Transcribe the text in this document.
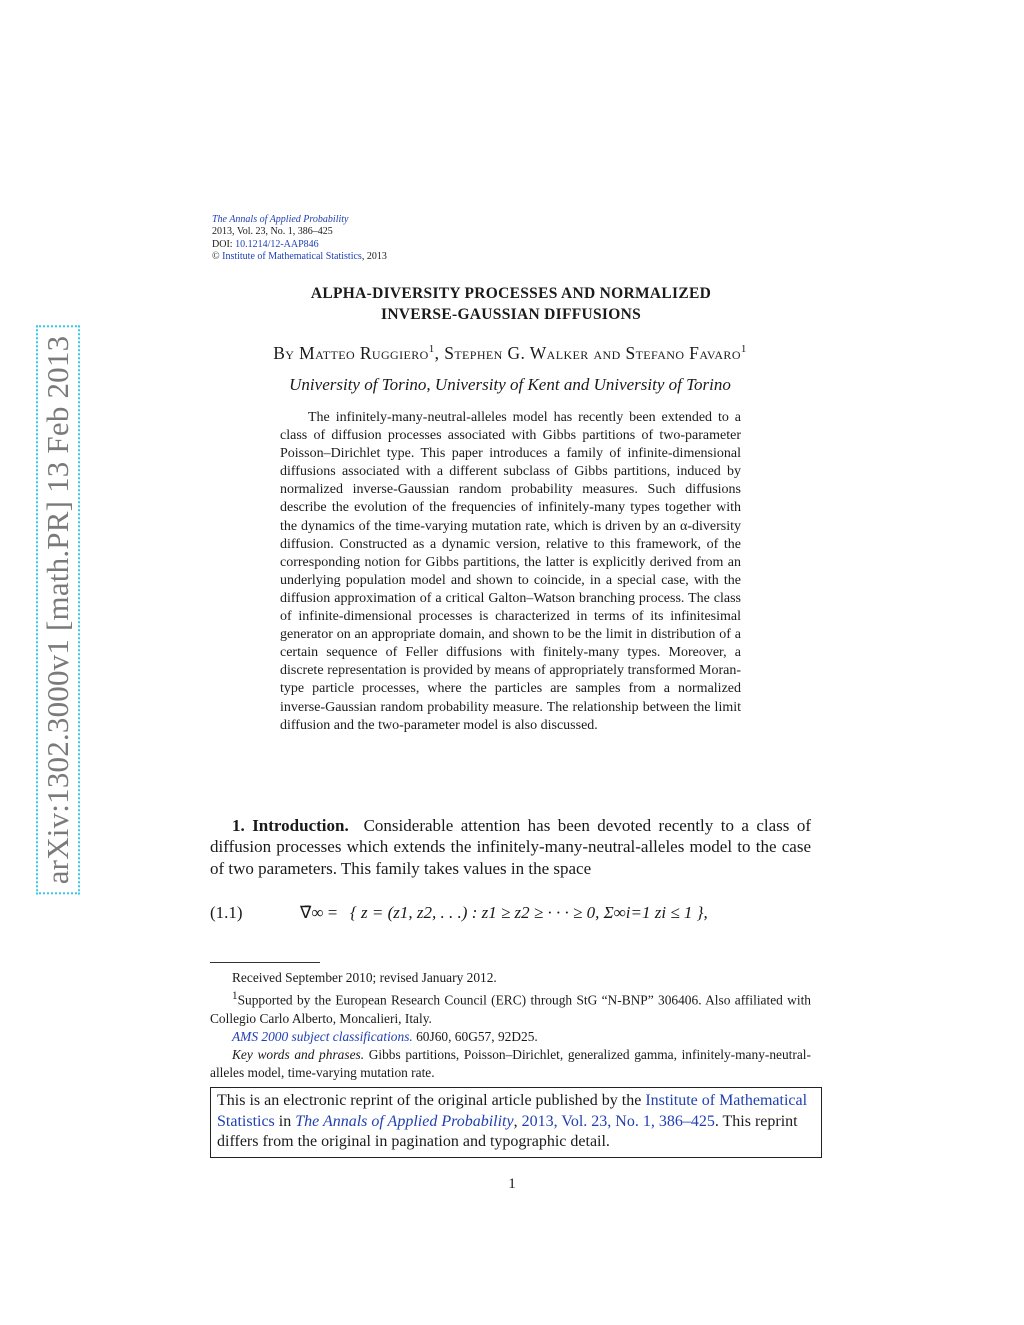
arXiv:1302.3000v1 [math.PR] 13 Feb 2013
The Annals of Applied Probability
2013, Vol. 23, No. 1, 386–425
DOI: 10.1214/12-AAP846
© Institute of Mathematical Statistics, 2013
ALPHA-DIVERSITY PROCESSES AND NORMALIZED
INVERSE-GAUSSIAN DIFFUSIONS
By Matteo Ruggiero$^1$, Stephen G. Walker and Stefano Favaro$^1$
University of Torino, University of Kent and University of Torino
The infinitely-many-neutral-alleles model has recently been extended to a class of diffusion processes associated with Gibbs partitions of two-parameter Poisson–Dirichlet type. This paper introduces a family of infinite-dimensional diffusions associated with a different subclass of Gibbs partitions, induced by normalized inverse-Gaussian random probability measures. Such diffusions describe the evolution of the frequencies of infinitely-many types together with the dynamics of the time-varying mutation rate, which is driven by an α-diversity diffusion. Constructed as a dynamic version, relative to this framework, of the corresponding notion for Gibbs partitions, the latter is explicitly derived from an underlying population model and shown to coincide, in a special case, with the diffusion approximation of a critical Galton–Watson branching process. The class of infinite-dimensional processes is characterized in terms of its infinitesimal generator on an appropriate domain, and shown to be the limit in distribution of a certain sequence of Feller diffusions with finitely-many types. Moreover, a discrete representation is provided by means of appropriately transformed Moran-type particle processes, where the particles are samples from a normalized inverse-Gaussian random probability measure. The relationship between the limit diffusion and the two-parameter model is also discussed.
1. Introduction. Considerable attention has been devoted recently to a class of diffusion processes which extends the infinitely-many-neutral-alleles model to the case of two parameters. This family takes values in the space
(1.1)	∇̄∞ = { z = (z1, z2, . . .) : z1 ≥ z2 ≥ · · · ≥ 0, Σ∞i=1 zi ≤ 1 },
Received September 2010; revised January 2012.
$^1$Supported by the European Research Council (ERC) through StG “N-BNP” 306406. Also affiliated with Collegio Carlo Alberto, Moncalieri, Italy.
AMS 2000 subject classifications. 60J60, 60G57, 92D25.
Key words and phrases. Gibbs partitions, Poisson–Dirichlet, generalized gamma, infinitely-many-neutral-alleles model, time-varying mutation rate.
This is an electronic reprint of the original article published by the Institute of Mathematical Statistics in The Annals of Applied Probability, 2013, Vol. 23, No. 1, 386–425. This reprint differs from the original in pagination and typographic detail.
1
